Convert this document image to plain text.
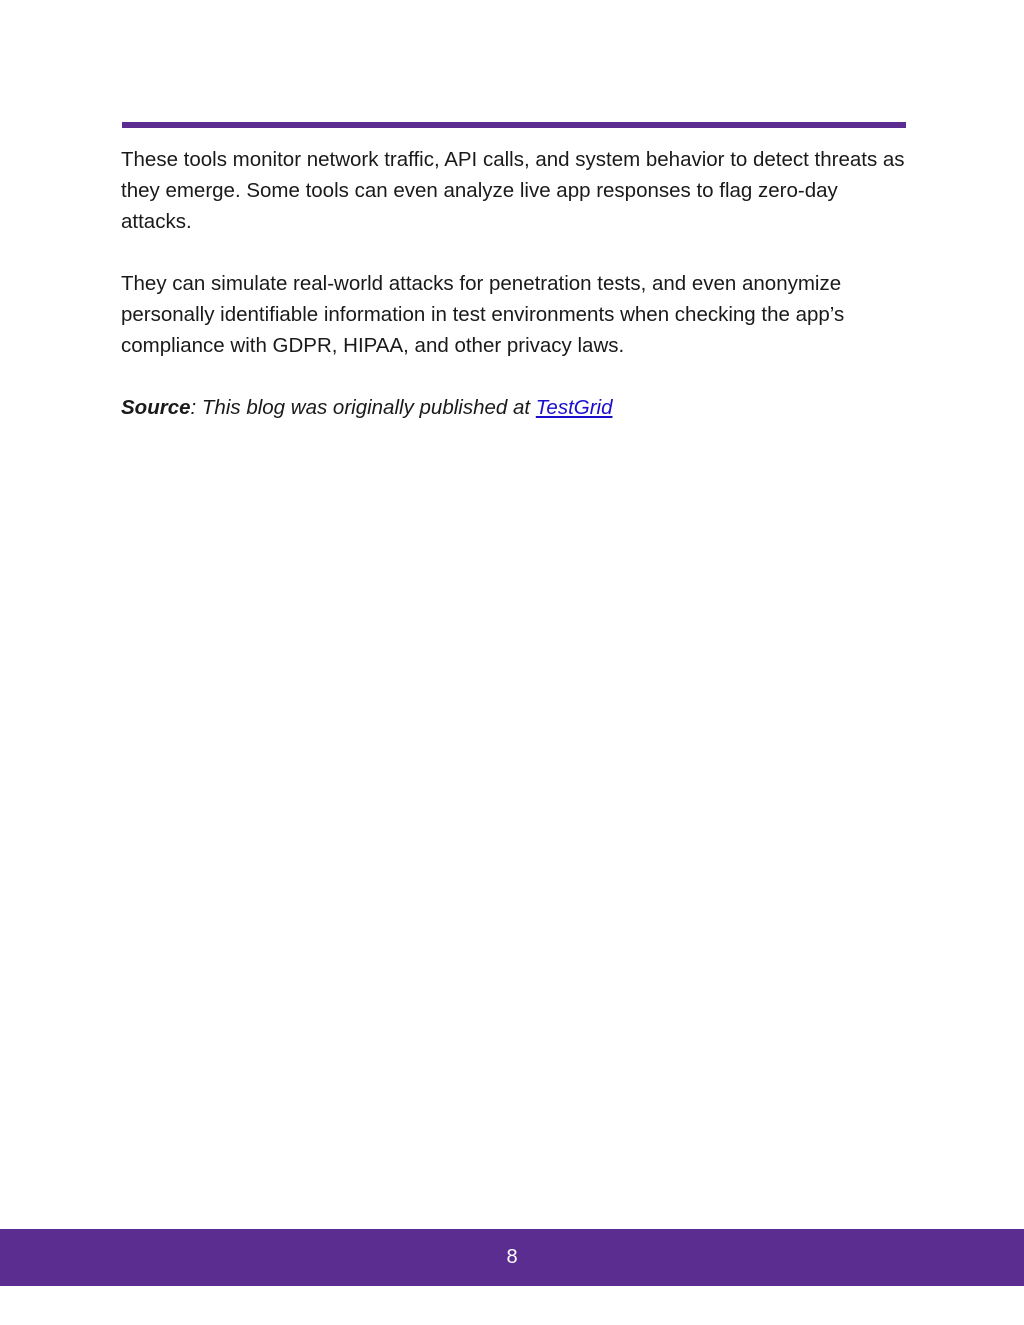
These tools monitor network traffic, API calls, and system behavior to detect threats as they emerge. Some tools can even analyze live app responses to flag zero-day attacks.

They can simulate real-world attacks for penetration tests, and even anonymize personally identifiable information in test environments when checking the app’s compliance with GDPR, HIPAA, and other privacy laws.

Source: This blog was originally published at TestGrid

8
